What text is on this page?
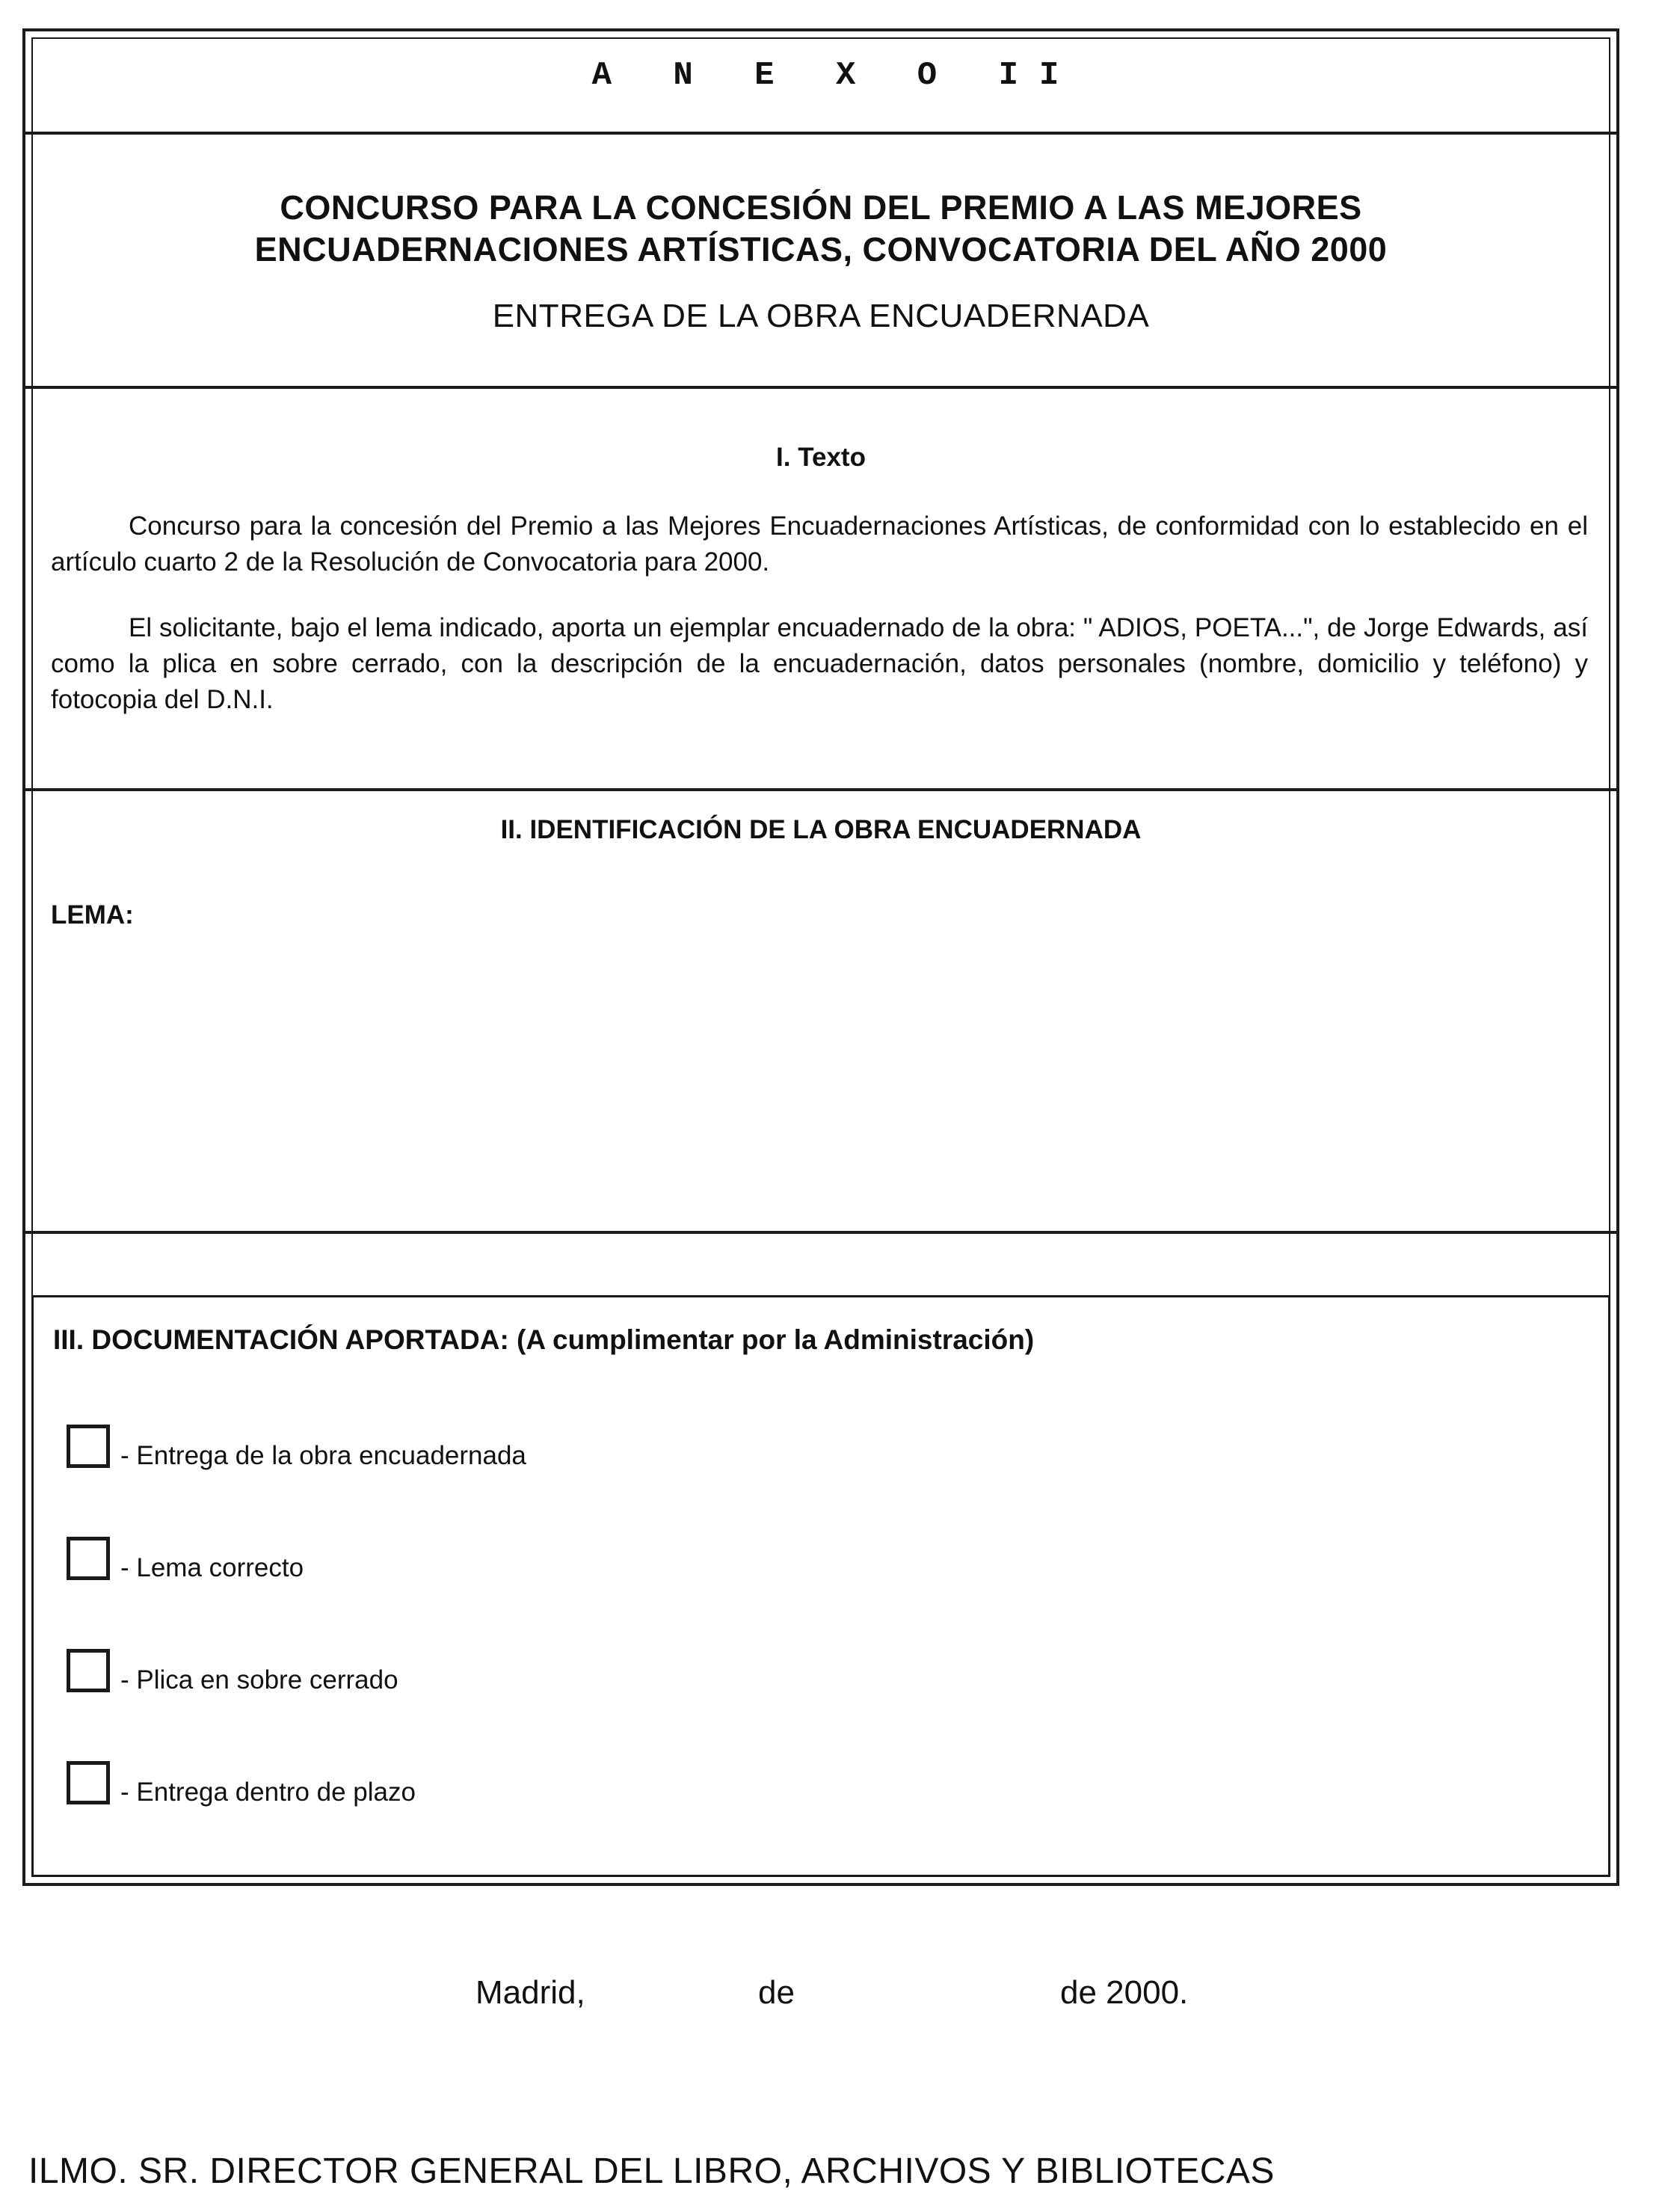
A N E X O II
CONCURSO PARA LA CONCESIÓN DEL PREMIO A LAS MEJORES
ENCUADERNACIONES ARTÍSTICAS, CONVOCATORIA DEL AÑO 2000
ENTREGA DE LA OBRA ENCUADERNADA
I. Texto
Concurso para la concesión del Premio a las Mejores Encuadernaciones Artísticas, de conformidad con lo establecido en el artículo cuarto 2 de la Resolución de Convocatoria para 2000.
El solicitante, bajo el lema indicado, aporta un ejemplar encuadernado de la obra: " ADIOS, POETA...", de Jorge Edwards, así como la plica en sobre cerrado, con la descripción de la encuadernación, datos personales (nombre, domicilio y teléfono) y fotocopia del D.N.I.
II. IDENTIFICACIÓN DE LA OBRA ENCUADERNADA
LEMA:
III. DOCUMENTACIÓN APORTADA: (A cumplimentar por la Administración)
- Entrega de la obra encuadernada
- Lema correcto
- Plica en sobre cerrado
- Entrega dentro de plazo
Madrid,	de	de 2000.
ILMO. SR. DIRECTOR GENERAL DEL LIBRO, ARCHIVOS Y BIBLIOTECAS
